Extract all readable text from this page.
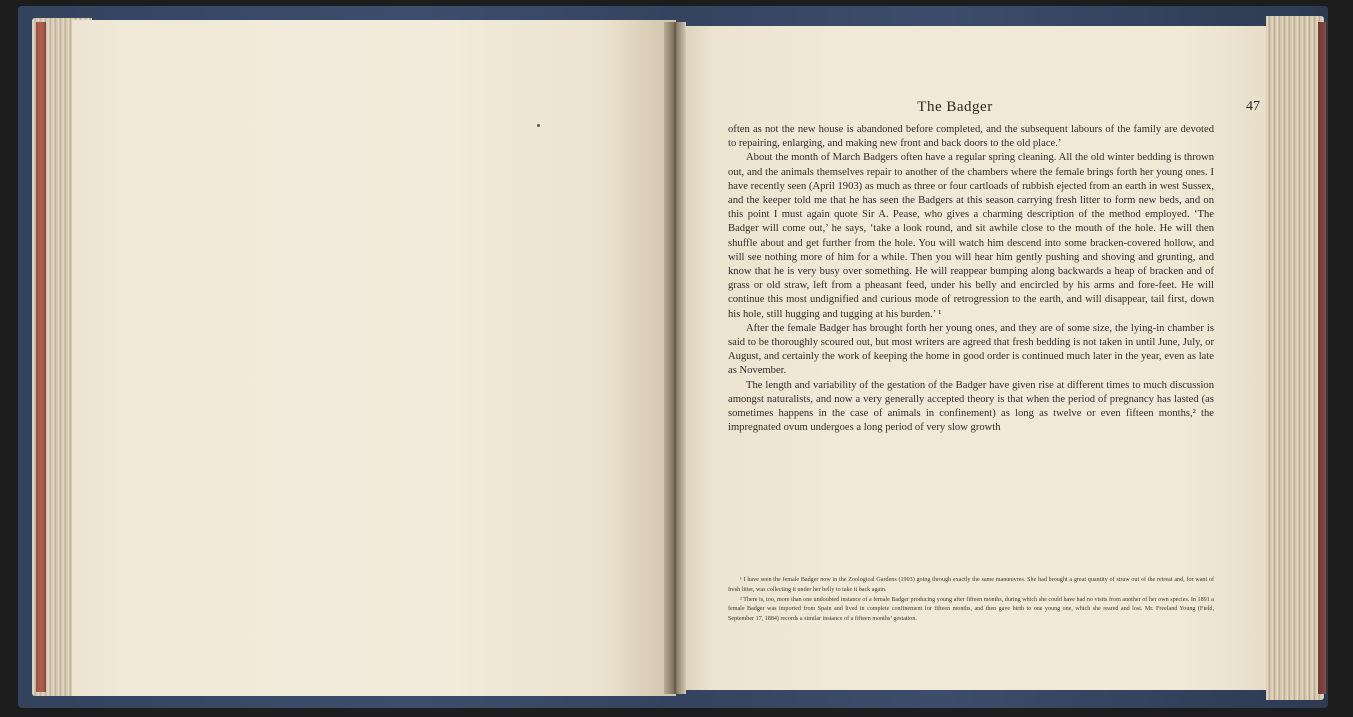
The Badger	47

often as not the new house is abandoned before completed, and the subsequent labours of the family are devoted to repairing, enlarging, and making new front and back doors to the old place.’

About the month of March Badgers often have a regular spring cleaning. All the old winter bedding is thrown out, and the animals themselves repair to another of the chambers where the female brings forth her young ones. I have recently seen (April 1903) as much as three or four cartloads of rubbish ejected from an earth in west Sussex, and the keeper told me that he has seen the Badgers at this season carrying fresh litter to form new beds, and on this point I must again quote Sir A. Pease, who gives a charming description of the method employed. ‘The Badger will come out,’ he says, ‘take a look round, and sit awhile close to the mouth of the hole. He will then shuffle about and get further from the hole. You will watch him descend into some bracken-covered hollow, and will see nothing more of him for a while. Then you will hear him gently pushing and shoving and grunting, and know that he is very busy over something. He will reappear bumping along backwards a heap of bracken and of grass or old straw, left from a pheasant feed, under his belly and encircled by his arms and fore-feet. He will continue this most undignified and curious mode of retrogression to the earth, and will disappear, tail first, down his hole, still hugging and tugging at his burden.’ ¹

After the female Badger has brought forth her young ones, and they are of some size, the lying-in chamber is said to be thoroughly scoured out, but most writers are agreed that fresh bedding is not taken in until June, July, or August, and certainly the work of keeping the home in good order is continued much later in the year, even as late as November.

The length and variability of the gestation of the Badger have given rise at different times to much discussion amongst naturalists, and now a very generally accepted theory is that when the period of pregnancy has lasted (as sometimes happens in the case of animals in confinement) as long as twelve or even fifteen months,² the impregnated ovum undergoes a long period of very slow growth

¹ I have seen the female Badger now in the Zoological Gardens (1903) going through exactly the same manœuvres. She had brought a great quantity of straw out of the retreat and, for want of fresh litter, was collecting it under her belly to take it back again.

² There is, too, more than one undoubted instance of a female Badger producing young after fifteen months, during which she could have had no visits from another of her own species. In 1891 a female Badger was imported from Spain and lived in complete confinement for fifteen months, and then gave birth to one young one, which she reared and lost. Mr. Freeland Young (Field, September 17, 1884) records a similar instance of a fifteen months’ gestation.
